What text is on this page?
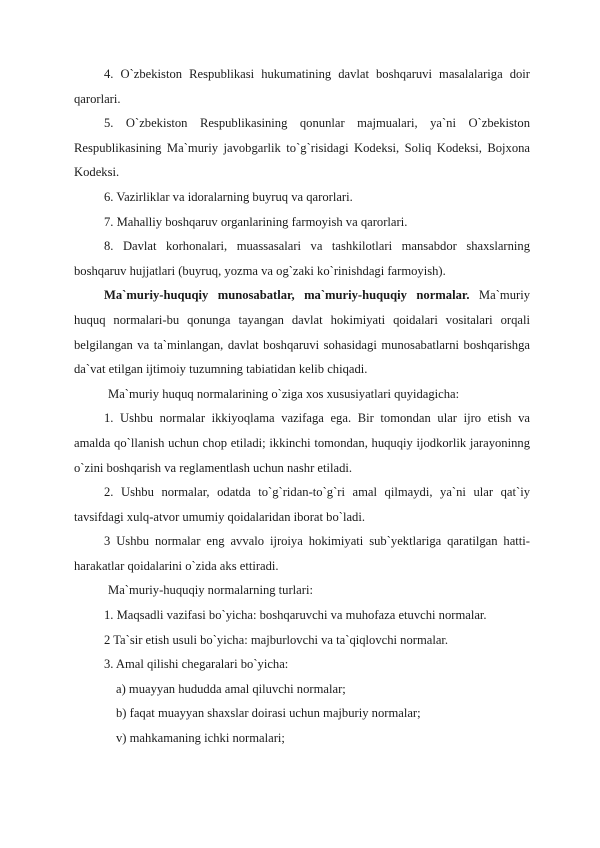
4. O`zbekiston Respublikasi hukumatining davlat boshqaruvi masalalariga doir qarorlari.

5. O`zbekiston Respublikasining qonunlar majmualari, ya`ni O`zbekiston Respublikasining Ma`muriy javobgarlik to`g`risidagi Kodeksi, Soliq Kodeksi, Bojxona Kodeksi.

6. Vazirliklar va idoralarning buyruq va qarorlari.

7. Mahalliy boshqaruv organlarining farmoyish va qarorlari.

8. Davlat korhonalari, muassasalari va tashkilotlari mansabdor shaxslarning boshqaruv hujjatlari (buyruq, yozma va og`zaki ko`rinishdagi farmoyish).

Ma`muriy-huquqiy munosabatlar, ma`muriy-huquqiy normalar. Ma`muriy huquq normalari-bu qonunga tayangan davlat hokimiyati qoidalari vositalari orqali belgilangan va ta`minlangan, davlat boshqaruvi sohasidagi munosabatlarni boshqarishga da`vat etilgan ijtimoiy tuzumning tabiatidan kelib chiqadi.

Ma`muriy huquq normalarining o`ziga xos xususiyatlari quyidagicha:

1. Ushbu normalar ikkiyoqlama vazifaga ega. Bir tomondan ular ijro etish va amalda qo`llanish uchun chop etiladi; ikkinchi tomondan, huquqiy ijodkorlik jarayoninng o`zini boshqarish va reglamentlash uchun nashr etiladi.

2. Ushbu normalar, odatda to`g`ridan-to`g`ri amal qilmaydi, ya`ni ular qat`iy tavsifdagi xulq-atvor umumiy qoidalaridan iborat bo`ladi.

3 Ushbu normalar eng avvalo ijroiya hokimiyati sub`yektlariga qaratilgan hatti-harakatlar qoidalarini o`zida aks ettiradi.

Ma`muriy-huquqiy normalarning turlari:

1. Maqsadli vazifasi bo`yicha: boshqaruvchi va muhofaza etuvchi normalar.

2 Ta`sir etish usuli bo`yicha: majburlovchi va ta`qiqlovchi normalar.

3. Amal qilishi chegaralari bo`yicha:

a) muayyan hududda amal qiluvchi normalar;

b) faqat muayyan shaxslar doirasi uchun majburiy normalar;

v) mahkamaning ichki normalari;
